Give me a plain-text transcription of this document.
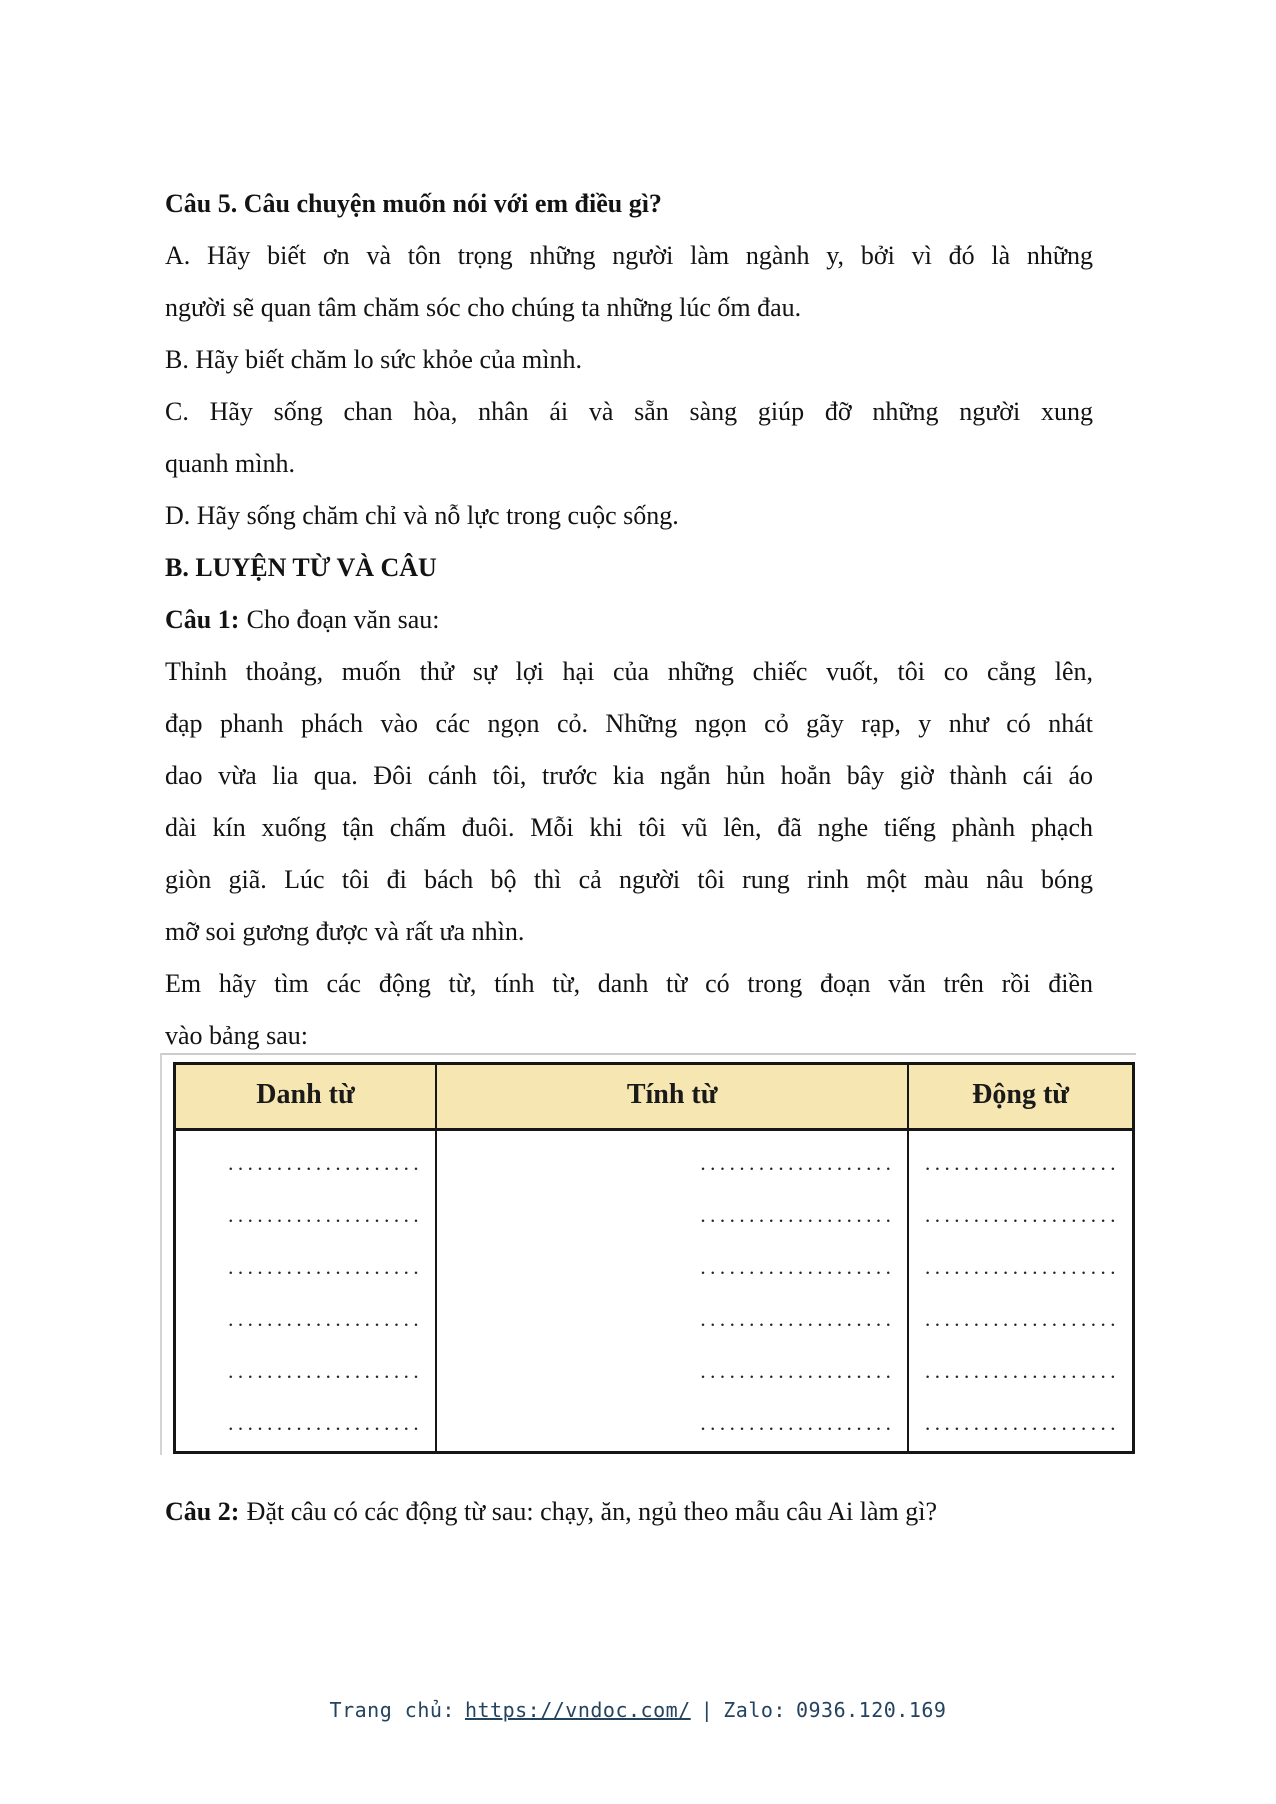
Câu 5. Câu chuyện muốn nói với em điều gì?
A. Hãy biết ơn và tôn trọng những người làm ngành y, bởi vì đó là những
người sẽ quan tâm chăm sóc cho chúng ta những lúc ốm đau.
B. Hãy biết chăm lo sức khỏe của mình.
C. Hãy sống chan hòa, nhân ái và sẵn sàng giúp đỡ những người xung
quanh mình.
D. Hãy sống chăm chỉ và nỗ lực trong cuộc sống.
B. LUYỆN TỪ VÀ CÂU
Câu 1: Cho đoạn văn sau:
Thỉnh thoảng, muốn thử sự lợi hại của những chiếc vuốt, tôi co cẳng lên,
đạp phanh phách vào các ngọn cỏ. Những ngọn cỏ gãy rạp, y như có nhát
dao vừa lia qua. Đôi cánh tôi, trước kia ngắn hủn hoẳn bây giờ thành cái áo
dài kín xuống tận chấm đuôi. Mỗi khi tôi vũ lên, đã nghe tiếng phành phạch
giòn giã. Lúc tôi đi bách bộ thì cả người tôi rung rinh một màu nâu bóng
mỡ soi gương được và rất ưa nhìn.
Em hãy tìm các động từ, tính từ, danh từ có trong đoạn văn trên rồi điền
vào bảng sau:
Danh từ	Tính từ	Động từ
....................
....................
....................
....................
....................
....................
....................
....................
....................
....................
....................
....................
....................
....................
....................
....................
....................
....................
Câu 2: Đặt câu có các động từ sau: chạy, ăn, ngủ theo mẫu câu Ai làm gì?
Trang chủ: https://vndoc.com/ | Zalo: 0936.120.169
